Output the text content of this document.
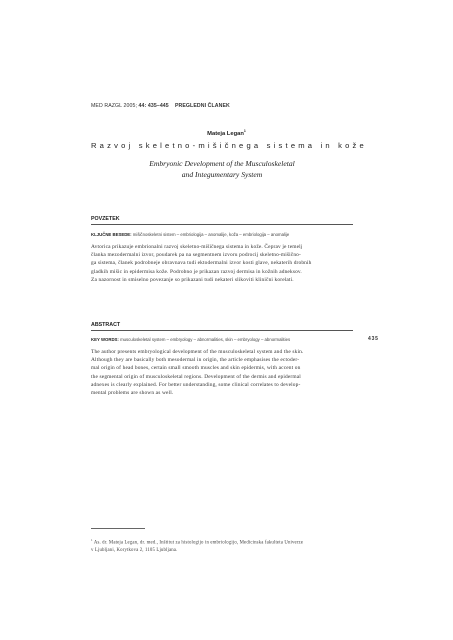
MED RAZGL 2005; 44: 435–445 PREGLEDNI ČLANEK
Mateja Legan$^1$
Razvoj skeletno-mišičnega sistema in kože
Embryonic Development of the Musculoskeletal
and Integumentary System
POVZETEK
KLJUČNE BESEDE: mišičnoskeletni sistem – embriologija – anomalije, koža – embriologija – anomalije
Avtorica prikazuje embrionalni razvoj skeletno-mišičnega sistema in kože. Čeprav je temelj
članka mezodermalni izvor, poudarek pa na segmentnem izvoru podrocij skeletno-mišično-
ga sistema, članek podrobneje obravnava tudi ektodermalni izvor kosti glave, nekaterih drobnih
gladkih mišic in epidermisa kože. Podrobno je prikazan razvoj dermisa in kožnih adneksov.
Za nazornost in smiselno povezanje so prikazani tudi nekateri slikoviti klinični korelati.
ABSTRACT
KEY WORDS: musculoskeletal system – embryology – abnormalities, skin – embryology – abnormalities	435
The author presents embryological development of the musculoskeletal system and the skin.
Although they are basically both mesodermal in origin, the article emphasises the ectoder-
mal origin of head bones, certain small smooth muscles and skin epidermis, with accent on
the segmental origin of musculoskeletal regions. Development of the dermis and epidermal
adnexes is clearly explained. For better understanding, some clinical correlates to develop-
mental problems are shown as well.
$^1$ As. dr. Mateja Legan, dr. med., Inštitut za histologijo in embriologijo, Medicinska fakulteta Univerze
v Ljubljani, Korytkova 2, 1105 Ljubljana.
